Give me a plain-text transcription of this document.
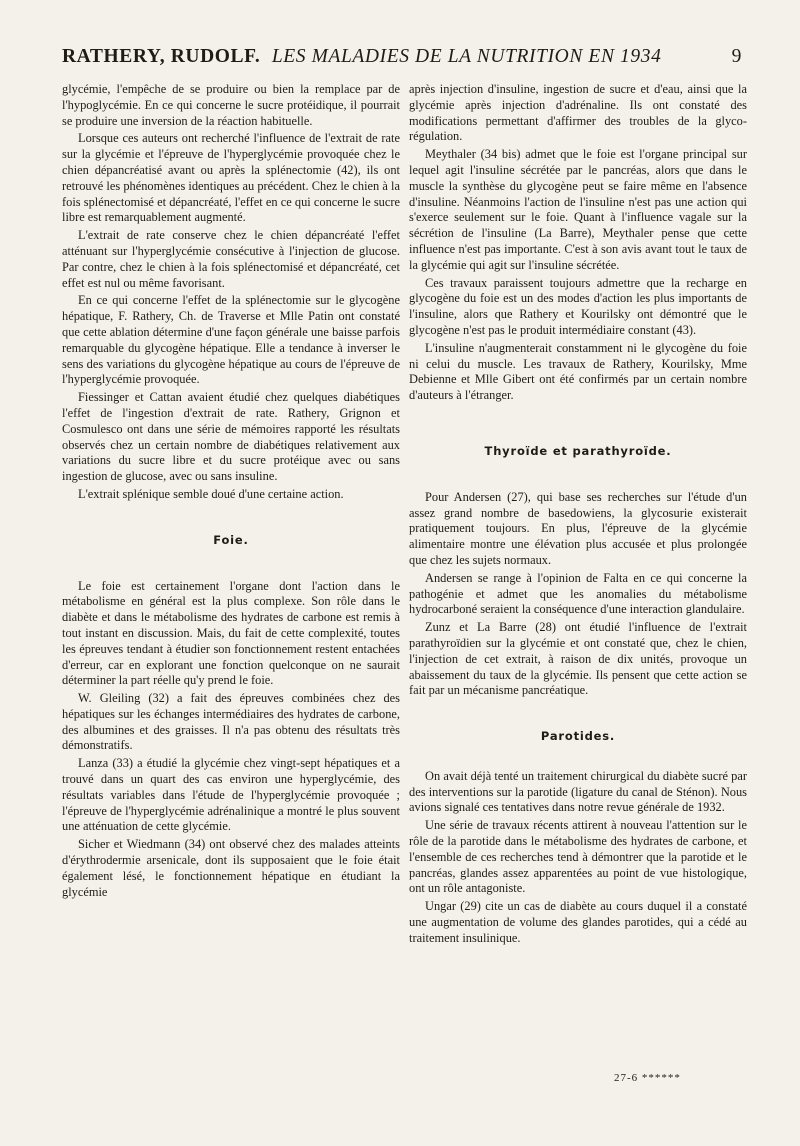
RATHERY, RUDOLF. LES MALADIES DE LA NUTRITION EN 1934	9

glycémie, l'empêche de se produire ou bien la remplace par de l'hypoglycémie. En ce qui concerne le sucre protéidique, il pourrait se produire une inversion de la réaction habituelle.

Lorsque ces auteurs ont recherché l'influence de l'extrait de rate sur la glycémie et l'épreuve de l'hyperglycémie provoquée chez le chien dépancréatisé avant ou après la splénectomie (42), ils ont retrouvé les phénomènes identiques au précédent. Chez le chien à la fois splénectomisé et dépancréaté, l'effet en ce qui concerne le sucre libre est remarquablement augmenté.

L'extrait de rate conserve chez le chien dépancréaté l'effet atténuant sur l'hyperglycémie consécutive à l'injection de glucose. Par contre, chez le chien à la fois splénectomisé et dépancréaté, cet effet est nul ou même favorisant.

En ce qui concerne l'effet de la splénectomie sur le glycogène hépatique, F. Rathery, Ch. de Traverse et Mlle Patin ont constaté que cette ablation détermine d'une façon générale une baisse parfois remarquable du glycogène hépatique. Elle a tendance à inverser le sens des variations du glycogène hépatique au cours de l'épreuve de l'hyperglycémie provoquée.

Fiessinger et Cattan avaient étudié chez quelques diabétiques l'effet de l'ingestion d'extrait de rate. Rathery, Grignon et Cosmulesco ont dans une série de mémoires rapporté les résultats observés chez un certain nombre de diabétiques relativement aux variations du sucre libre et du sucre protéique avec ou sans ingestion de glucose, avec ou sans insuline.

L'extrait splénique semble doué d'une certaine action.

Foie.

Le foie est certainement l'organe dont l'action dans le métabolisme en général est la plus complexe. Son rôle dans le diabète et dans le métabolisme des hydrates de carbone est remis à tout instant en discussion. Mais, du fait de cette complexité, toutes les épreuves tendant à étudier son fonctionnement restent entachées d'erreur, car en explorant une fonction quelconque on ne saurait déterminer la part réelle qu'y prend le foie.

W. Gleiling (32) a fait des épreuves combinées chez des hépatiques sur les échanges intermédiaires des hydrates de carbone, des albumines et des graisses. Il n'a pas obtenu des résultats très démonstratifs.

Lanza (33) a étudié la glycémie chez vingt-sept hépatiques et a trouvé dans un quart des cas environ une hyperglycémie, des résultats variables dans l'étude de l'hyperglycémie provoquée ; l'épreuve de l'hyperglycémie adrénalinique a montré le plus souvent une atténuation de cette glycémie.

Sicher et Wiedmann (34) ont observé chez des malades atteints d'érythrodermie arsenicale, dont ils supposaient que le foie était également lésé, le fonctionnement hépatique en étudiant la glycémie

après injection d'insuline, ingestion de sucre et d'eau, ainsi que la glycémie après injection d'adrénaline. Ils ont constaté des modifications permettant d'affirmer des troubles de la glyco-régulation.

Meythaler (34 bis) admet que le foie est l'organe principal sur lequel agit l'insuline sécrétée par le pancréas, alors que dans le muscle la synthèse du glycogène peut se faire même en l'absence d'insuline. Néanmoins l'action de l'insuline n'est pas une action qui s'exerce seulement sur le foie. Quant à l'influence vagale sur la sécrétion de l'insuline (La Barre), Meythaler pense que cette influence n'est pas importante. C'est à son avis avant tout le taux de la glycémie qui agit sur l'insuline sécrétée.

Ces travaux paraissent toujours admettre que la recharge en glycogène du foie est un des modes d'action les plus importants de l'insuline, alors que Rathery et Kourilsky ont démontré que le glycogène n'est pas le produit intermédiaire constant (43).

L'insuline n'augmenterait constamment ni le glycogène du foie ni celui du muscle. Les travaux de Rathery, Kourilsky, Mme Debienne et Mlle Gibert ont été confirmés par un certain nombre d'auteurs à l'étranger.

Thyroïde et parathyroïde.

Pour Andersen (27), qui base ses recherches sur l'étude d'un assez grand nombre de basedowiens, la glycosurie existerait pratiquement toujours. En plus, l'épreuve de la glycémie alimentaire montre une élévation plus accusée et plus prolongée que chez les sujets normaux.

Andersen se range à l'opinion de Falta en ce qui concerne la pathogénie et admet que les anomalies du métabolisme hydrocarboné seraient la conséquence d'une interaction glandulaire.

Zunz et La Barre (28) ont étudié l'influence de l'extrait parathyroïdien sur la glycémie et ont constaté que, chez le chien, l'injection de cet extrait, à raison de dix unités, provoque un abaissement du taux de la glycémie. Ils pensent que cette action se fait par un mécanisme pancréatique.

Parotides.

On avait déjà tenté un traitement chirurgical du diabète sucré par des interventions sur la parotide (ligature du canal de Sténon). Nous avions signalé ces tentatives dans notre revue générale de 1932.

Une série de travaux récents attirent à nouveau l'attention sur le rôle de la parotide dans le métabolisme des hydrates de carbone, et l'ensemble de ces recherches tend à démontrer que la parotide et le pancréas, glandes assez apparentées au point de vue histologique, ont un rôle antagoniste.

Ungar (29) cite un cas de diabète au cours duquel il a constaté une augmentation de volume des glandes parotides, qui a cédé au traitement insulinique.

27-6 ******
